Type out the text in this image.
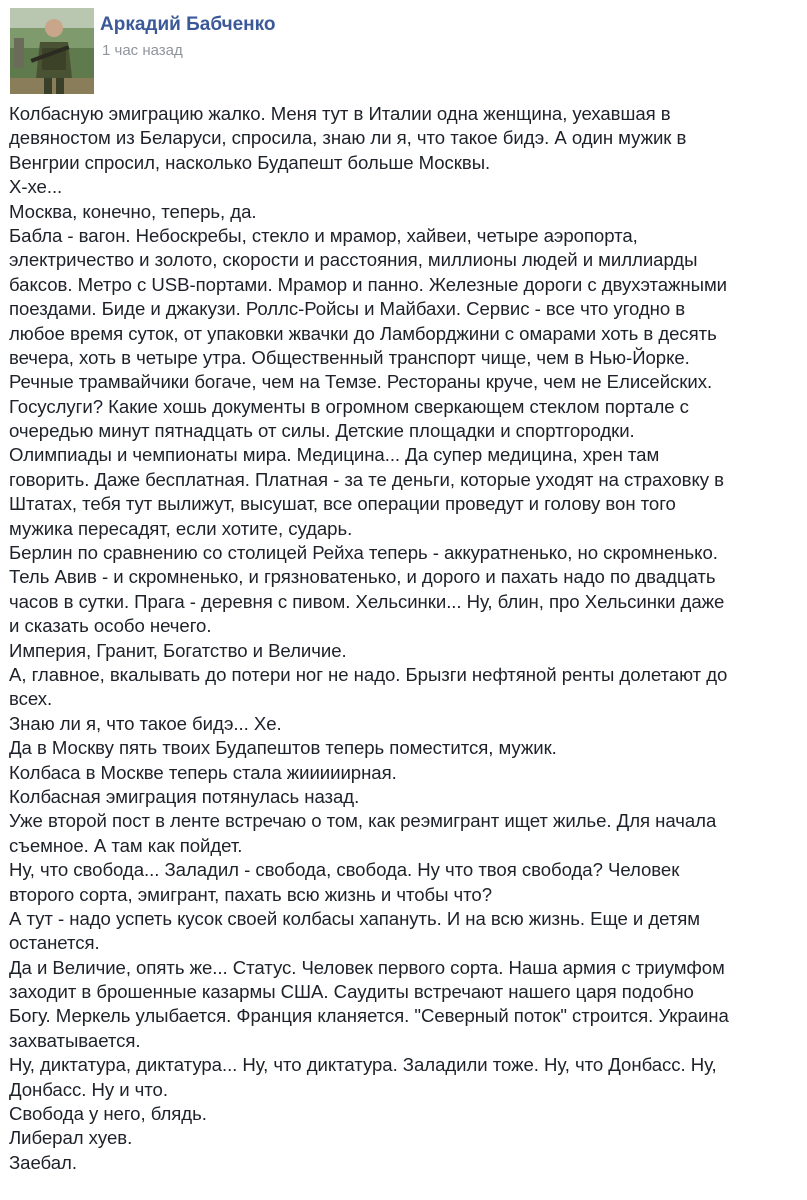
Аркадий Бабченко
1 час назад
Колбасную эмиграцию жалко. Меня тут в Италии одна женщина, уехавшая в
девяностом из Беларуси, спросила, знаю ли я, что такое бидэ. А один мужик в
Венгрии спросил, насколько Будапешт больше Москвы.
Х-хе...
Москва, конечно, теперь, да.
Бабла - вагон. Небоскребы, стекло и мрамор, хайвеи, четыре аэропорта,
электричество и золото, скорости и расстояния, миллионы людей и миллиарды
баксов. Метро с USB-портами. Мрамор и панно. Железные дороги с двухэтажными
поездами. Биде и джакузи. Роллс-Ройсы и Майбахи. Сервис - все что угодно в
любое время суток, от упаковки жвачки до Ламборджини с омарами хоть в десять
вечера, хоть в четыре утра. Общественный транспорт чище, чем в Нью-Йорке.
Речные трамвайчики богаче, чем на Темзе. Рестораны круче, чем не Елисейских.
Госуслуги? Какие хошь документы в огромном сверкающем стеклом портале с
очередью минут пятнадцать от силы. Детские площадки и спортгородки.
Олимпиады и чемпионаты мира. Медицина... Да супер медицина, хрен там
говорить. Даже бесплатная. Платная - за те деньги, которые уходят на страховку в
Штатах, тебя тут вылижут, высушат, все операции проведут и голову вон того
мужика пересадят, если хотите, сударь.
Берлин по сравнению со столицей Рейха теперь - аккуратненько, но скромненько.
Тель Авив - и скромненько, и грязноватенько, и дорого и пахать надо по двадцать
часов в сутки. Прага - деревня с пивом. Хельсинки... Ну, блин, про Хельсинки даже
и сказать особо нечего.
Империя, Гранит, Богатство и Величие.
А, главное, вкалывать до потери ног не надо. Брызги нефтяной ренты долетают до
всех.
Знаю ли я, что такое бидэ... Хе.
Да в Москву пять твоих Будапештов теперь поместится, мужик.
Колбаса в Москве теперь стала жииииирная.
Колбасная эмиграция потянулась назад.
Уже второй пост в ленте встречаю о том, как реэмигрант ищет жилье. Для начала
съемное. А там как пойдет.
Ну, что свобода... Заладил - свобода, свобода. Ну что твоя свобода? Человек
второго сорта, эмигрант, пахать всю жизнь и чтобы что?
А тут - надо успеть кусок своей колбасы хапануть. И на всю жизнь. Еще и детям
останется.
Да и Величие, опять же... Статус. Человек первого сорта. Наша армия с триумфом
заходит в брошенные казармы США. Саудиты встречают нашего царя подобно
Богу. Меркель улыбается. Франция кланяется. "Северный поток" строится. Украина
захватывается.
Ну, диктатура, диктатура... Ну, что диктатура. Заладили тоже. Ну, что Донбасс. Ну,
Донбасс. Ну и что.
Свобода у него, блядь.
Либерал хуев.
Заебал.
